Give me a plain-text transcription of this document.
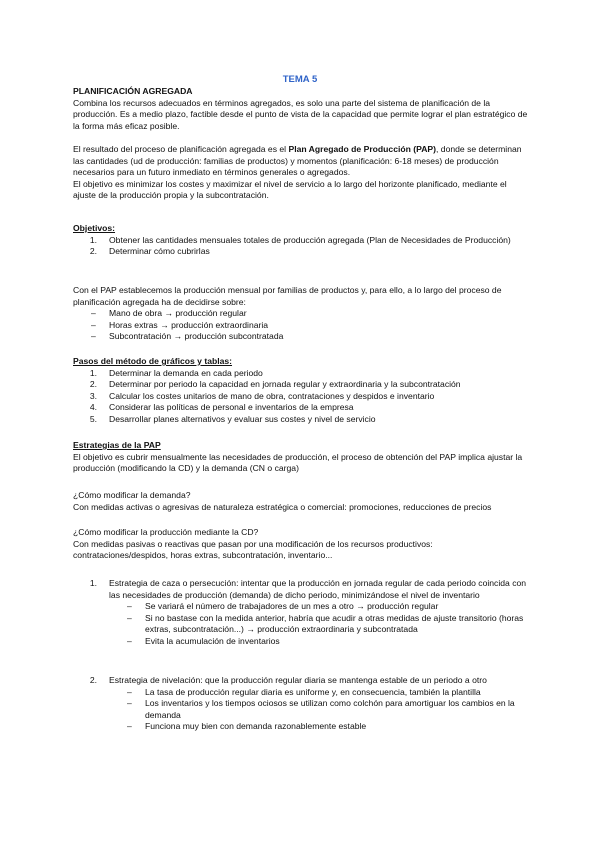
TEMA 5

PLANIFICACIÓN AGREGADA

Combina los recursos adecuados en términos agregados, es solo una parte del sistema de planificación de la producción. Es a medio plazo, factible desde el punto de vista de la capacidad que permite lograr el plan estratégico de la forma más eficaz posible.

El resultado del proceso de planificación agregada es el Plan Agregado de Producción (PAP), donde se determinan las cantidades (ud de producción: familias de productos) y momentos (planificación: 6-18 meses) de producción necesarios para un futuro inmediato en términos generales o agregados.

El objetivo es minimizar los costes y maximizar el nivel de servicio a lo largo del horizonte planificado, mediante el ajuste de la producción propia y la subcontratación.

Objetivos:

1. Obtener las cantidades mensuales totales de producción agregada (Plan de Necesidades de Producción)
2. Determinar cómo cubrirlas

Con el PAP establecemos la producción mensual por familias de productos y, para ello, a lo largo del proceso de planificación agregada ha de decidirse sobre:

–	Mano de obra → producción regular
–	Horas extras → producción extraordinaria
–	Subcontratación → producción subcontratada

Pasos del método de gráficos y tablas:

1. Determinar la demanda en cada periodo
2. Determinar por periodo la capacidad en jornada regular y extraordinaria y la subcontratación
3. Calcular los costes unitarios de mano de obra, contrataciones y despidos e inventario
4. Considerar las políticas de personal e inventarios de la empresa
5. Desarrollar planes alternativos y evaluar sus costes y nivel de servicio

Estrategias de la PAP

El objetivo es cubrir mensualmente las necesidades de producción, el proceso de obtención del PAP implica ajustar la producción (modificando la CD) y la demanda (CN o carga)

¿Cómo modificar la demanda?

Con medidas activas o agresivas de naturaleza estratégica o comercial: promociones, reducciones de precios

¿Cómo modificar la producción mediante la CD?

Con medidas pasivas o reactivas que pasan por una modificación de los recursos productivos: contrataciones/despidos, horas extras, subcontratación, inventario...

1. Estrategia de caza o persecución: intentar que la producción en jornada regular de cada periodo coincida con las necesidades de producción (demanda) de dicho periodo, minimizándose el nivel de inventario
–	Se variará el número de trabajadores de un mes a otro → producción regular
–	Si no bastase con la medida anterior, habría que acudir a otras medidas de ajuste transitorio (horas extras, subcontratación...) → producción extraordinaria y subcontratada
–	Evita la acumulación de inventarios
2. Estrategia de nivelación: que la producción regular diaria se mantenga estable de un periodo a otro
–	La tasa de producción regular diaria es uniforme y, en consecuencia, también la plantilla
–	Los inventarios y los tiempos ociosos se utilizan como colchón para amortiguar los cambios en la demanda
–	Funciona muy bien con demanda razonablemente estable
